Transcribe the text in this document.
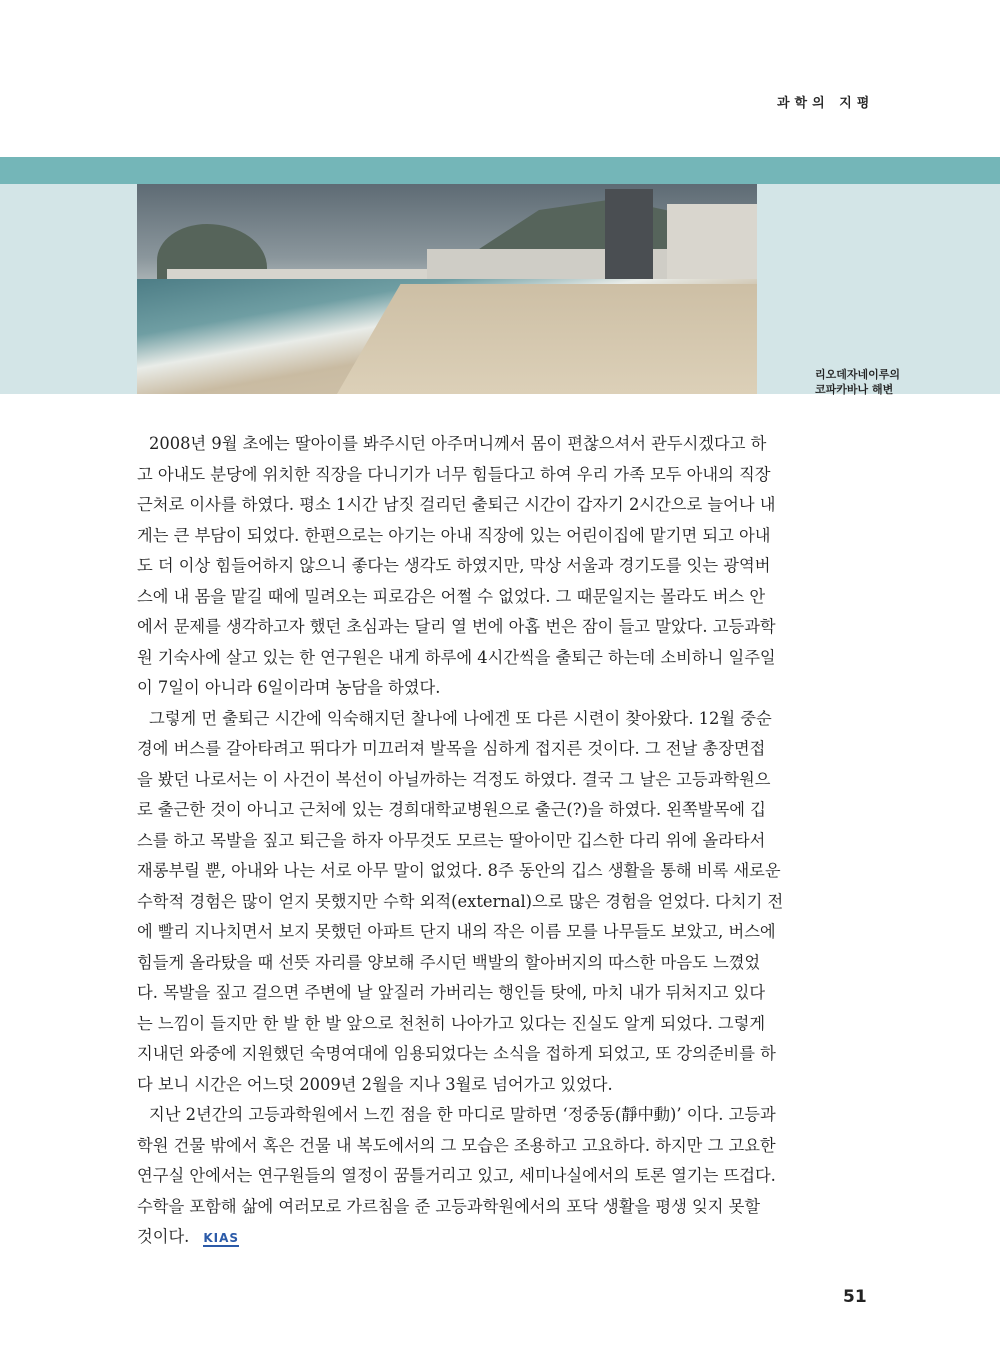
과학의 지평
리오데자네이루의
코파카바나 해변
2008년 9월 초에는 딸아이를 봐주시던 아주머니께서 몸이 편찮으셔서 관두시겠다고 하
고 아내도 분당에 위치한 직장을 다니기가 너무 힘들다고 하여 우리 가족 모두 아내의 직장
근처로 이사를 하였다. 평소 1시간 남짓 걸리던 출퇴근 시간이 갑자기 2시간으로 늘어나 내
게는 큰 부담이 되었다. 한편으로는 아기는 아내 직장에 있는 어린이집에 맡기면 되고 아내
도 더 이상 힘들어하지 않으니 좋다는 생각도 하였지만, 막상 서울과 경기도를 잇는 광역버
스에 내 몸을 맡길 때에 밀려오는 피로감은 어쩔 수 없었다. 그 때문일지는 몰라도 버스 안
에서 문제를 생각하고자 했던 초심과는 달리 열 번에 아홉 번은 잠이 들고 말았다. 고등과학
원 기숙사에 살고 있는 한 연구원은 내게 하루에 4시간씩을 출퇴근 하는데 소비하니 일주일
이 7일이 아니라 6일이라며 농담을 하였다.
그렇게 먼 출퇴근 시간에 익숙해지던 찰나에 나에겐 또 다른 시련이 찾아왔다. 12월 중순
경에 버스를 갈아타려고 뛰다가 미끄러져 발목을 심하게 접지른 것이다. 그 전날 총장면접
을 봤던 나로서는 이 사건이 복선이 아닐까하는 걱정도 하였다. 결국 그 날은 고등과학원으
로 출근한 것이 아니고 근처에 있는 경희대학교병원으로 출근(?)을 하였다. 왼쪽발목에 깁
스를 하고 목발을 짚고 퇴근을 하자 아무것도 모르는 딸아이만 깁스한 다리 위에 올라타서
재롱부릴 뿐, 아내와 나는 서로 아무 말이 없었다. 8주 동안의 깁스 생활을 통해 비록 새로운
수학적 경험은 많이 얻지 못했지만 수학 외적(external)으로 많은 경험을 얻었다. 다치기 전
에 빨리 지나치면서 보지 못했던 아파트 단지 내의 작은 이름 모를 나무들도 보았고, 버스에
힘들게 올라탔을 때 선뜻 자리를 양보해 주시던 백발의 할아버지의 따스한 마음도 느꼈었
다. 목발을 짚고 걸으면 주변에 날 앞질러 가버리는 행인들 탓에, 마치 내가 뒤처지고 있다
는 느낌이 들지만 한 발 한 발 앞으로 천천히 나아가고 있다는 진실도 알게 되었다. 그렇게
지내던 와중에 지원했던 숙명여대에 임용되었다는 소식을 접하게 되었고, 또 강의준비를 하
다 보니 시간은 어느덧 2009년 2월을 지나 3월로 넘어가고 있었다.
지난 2년간의 고등과학원에서 느낀 점을 한 마디로 말하면 ‘정중동(靜中動)’ 이다. 고등과
학원 건물 밖에서 혹은 건물 내 복도에서의 그 모습은 조용하고 고요하다. 하지만 그 고요한
연구실 안에서는 연구원들의 열정이 꿈틀거리고 있고, 세미나실에서의 토론 열기는 뜨겁다.
수학을 포함해 삶에 여러모로 가르침을 준 고등과학원에서의 포닥 생활을 평생 잊지 못할
것이다. KIAS
51
